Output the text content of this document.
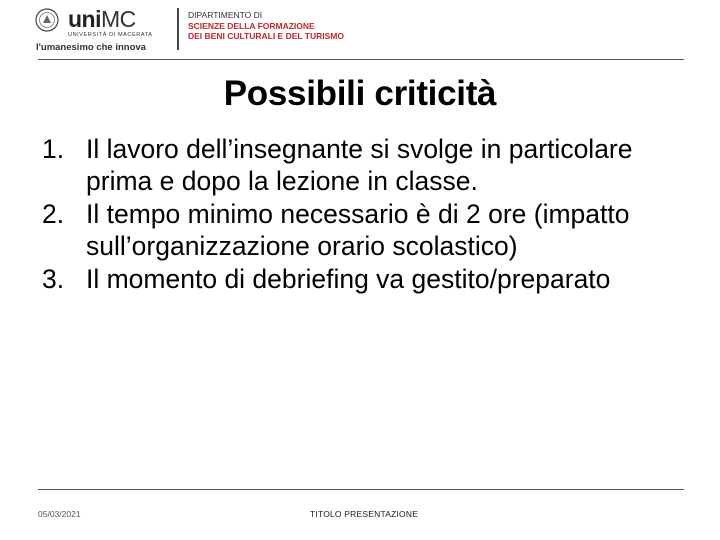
uniMC
UNIVERSITÀ DI MACERATA
l'umanesimo che innova
DIPARTIMENTO DI
SCIENZE DELLA FORMAZIONE
DEI BENI CULTURALI E DEL TURISMO
Possibili criticità
1. Il lavoro dell’insegnante si svolge in particolare prima e dopo la lezione in classe.
2. Il tempo minimo necessario è di 2 ore (impatto sull’organizzazione orario scolastico)
3. Il momento di debriefing va gestito/preparato
05/03/2021	TITOLO PRESENTAZIONE
